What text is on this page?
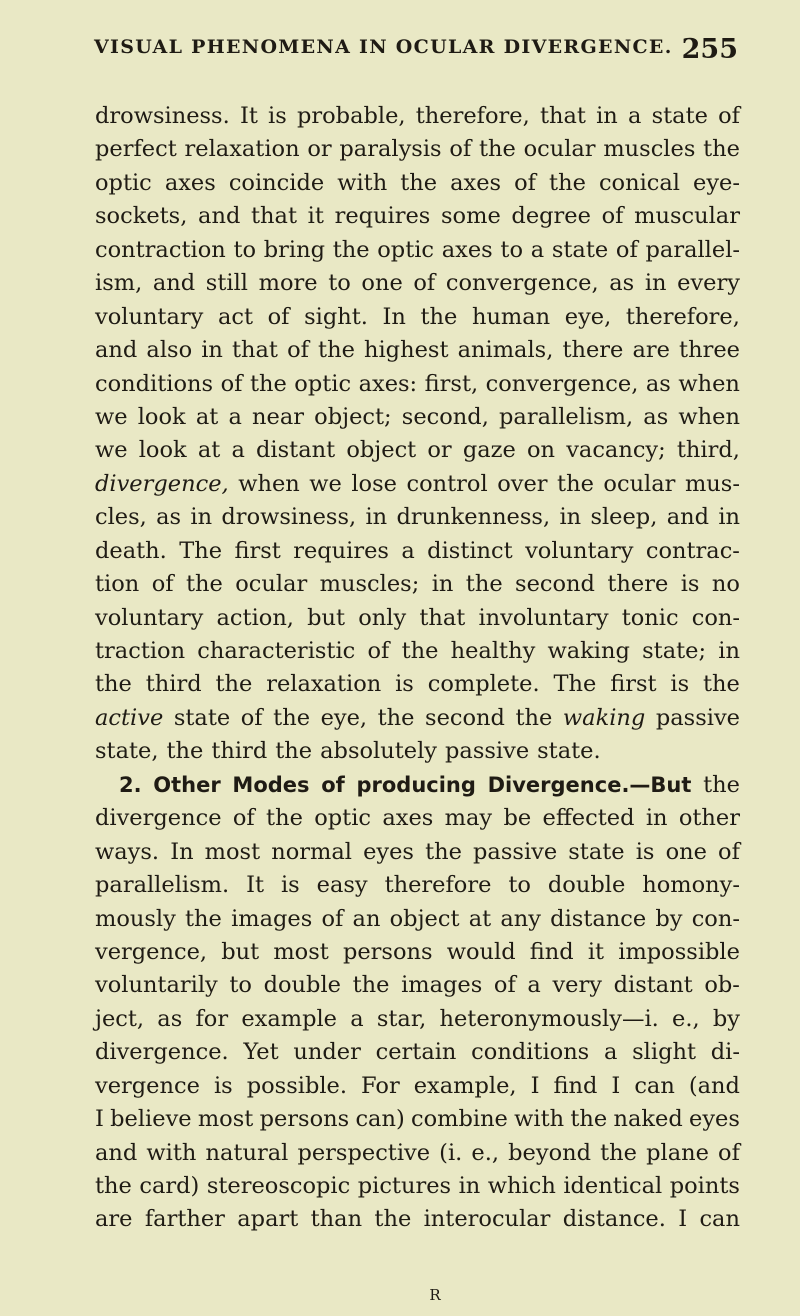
VISUAL PHENOMENA IN OCULAR DIVERGENCE. 255
drowsiness. It is probable, therefore, that in a state of
perfect relaxation or paralysis of the ocular muscles the
optic axes coincide with the axes of the conical eye-
sockets, and that it requires some degree of muscular
contraction to bring the optic axes to a state of parallel-
ism, and still more to one of convergence, as in every
voluntary act of sight. In the human eye, therefore,
and also in that of the highest animals, there are three
conditions of the optic axes: first, convergence, as when
we look at a near object; second, parallelism, as when
we look at a distant object or gaze on vacancy; third,
divergence, when we lose control over the ocular mus-
cles, as in drowsiness, in drunkenness, in sleep, and in
death. The first requires a distinct voluntary contrac-
tion of the ocular muscles; in the second there is no
voluntary action, but only that involuntary tonic con-
traction characteristic of the healthy waking state; in
the third the relaxation is complete. The first is the
active state of the eye, the second the waking passive
state, the third the absolutely passive state.
2. Other Modes of producing Divergence.—But the
divergence of the optic axes may be effected in other
ways. In most normal eyes the passive state is one of
parallelism. It is easy therefore to double homony-
mously the images of an object at any distance by con-
vergence, but most persons would find it impossible
voluntarily to double the images of a very distant ob-
ject, as for example a star, heteronymously—i. e., by
divergence. Yet under certain conditions a slight di-
vergence is possible. For example, I find I can (and
I believe most persons can) combine with the naked eyes
and with natural perspective (i. e., beyond the plane of
the card) stereoscopic pictures in which identical points
are farther apart than the interocular distance. I can
R
